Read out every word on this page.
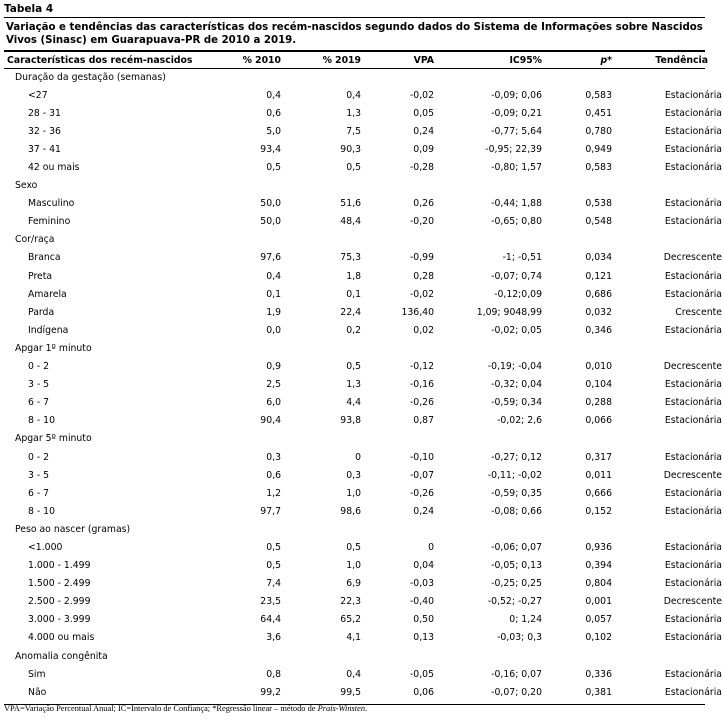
Tabela 4
Variação e tendências das características dos recém-nascidos segundo dados do Sistema de Informações sobre Nascidos Vivos (Sinasc) em Guarapuava-PR de 2010 a 2019.
Características dos recém-nascidos	% 2010	% 2019	VPA	IC95%	p*	Tendência
Duração da gestação (semanas)						
<27	0,4	0,4	-0,02	-0,09; 0,06	0,583	Estacionária
28 - 31	0,6	1,3	0,05	-0,09; 0,21	0,451	Estacionária
32 - 36	5,0	7,5	0,24	-0,77; 5,64	0,780	Estacionária
37 - 41	93,4	90,3	0,09	-0,95; 22,39	0,949	Estacionária
42 ou mais	0,5	0,5	-0,28	-0,80; 1,57	0,583	Estacionária
Sexo						
Masculino	50,0	51,6	0,26	-0,44; 1,88	0,538	Estacionária
Feminino	50,0	48,4	-0,20	-0,65; 0,80	0,548	Estacionária
Cor/raça						
Branca	97,6	75,3	-0,99	-1; -0,51	0,034	Decrescente
Preta	0,4	1,8	0,28	-0,07; 0,74	0,121	Estacionária
Amarela	0,1	0,1	-0,02	-0,12;0,09	0,686	Estacionária
Parda	1,9	22,4	136,40	1,09; 9048,99	0,032	Crescente
Indígena	0,0	0,2	0,02	-0,02; 0,05	0,346	Estacionária
Apgar 1º minuto						
0 - 2	0,9	0,5	-0,12	-0,19; -0,04	0,010	Decrescente
3 - 5	2,5	1,3	-0,16	-0,32; 0,04	0,104	Estacionária
6 - 7	6,0	4,4	-0,26	-0,59; 0,34	0,288	Estacionária
8 - 10	90,4	93,8	0,87	-0,02; 2,6	0,066	Estacionária
Apgar 5º minuto						
0 - 2	0,3	0	-0,10	-0,27; 0,12	0,317	Estacionária
3 - 5	0,6	0,3	-0,07	-0,11; -0,02	0,011	Decrescente
6 - 7	1,2	1,0	-0,26	-0,59; 0,35	0,666	Estacionária
8 - 10	97,7	98,6	0,24	-0,08; 0,66	0,152	Estacionária
Peso ao nascer (gramas)						
<1.000	0,5	0,5	0	-0,06; 0,07	0,936	Estacionária
1.000 - 1.499	0,5	1,0	0,04	-0,05; 0,13	0,394	Estacionária
1.500 - 2.499	7,4	6,9	-0,03	-0,25; 0,25	0,804	Estacionária
2.500 - 2.999	23,5	22,3	-0,40	-0,52; -0,27	0,001	Decrescente
3.000 - 3.999	64,4	65,2	0,50	0; 1,24	0,057	Estacionária
4.000 ou mais	3,6	4,1	0,13	-0,03; 0,3	0,102	Estacionária
Anomalia congênita						
Sim	0,8	0,4	-0,05	-0,16; 0,07	0,336	Estacionária
Não	99,2	99,5	0,06	-0,07; 0,20	0,381	Estacionária
VPA=Variação Percentual Anual; IC=Intervalo de Confiança; *Regressão linear – método de Prais-Winsten.
